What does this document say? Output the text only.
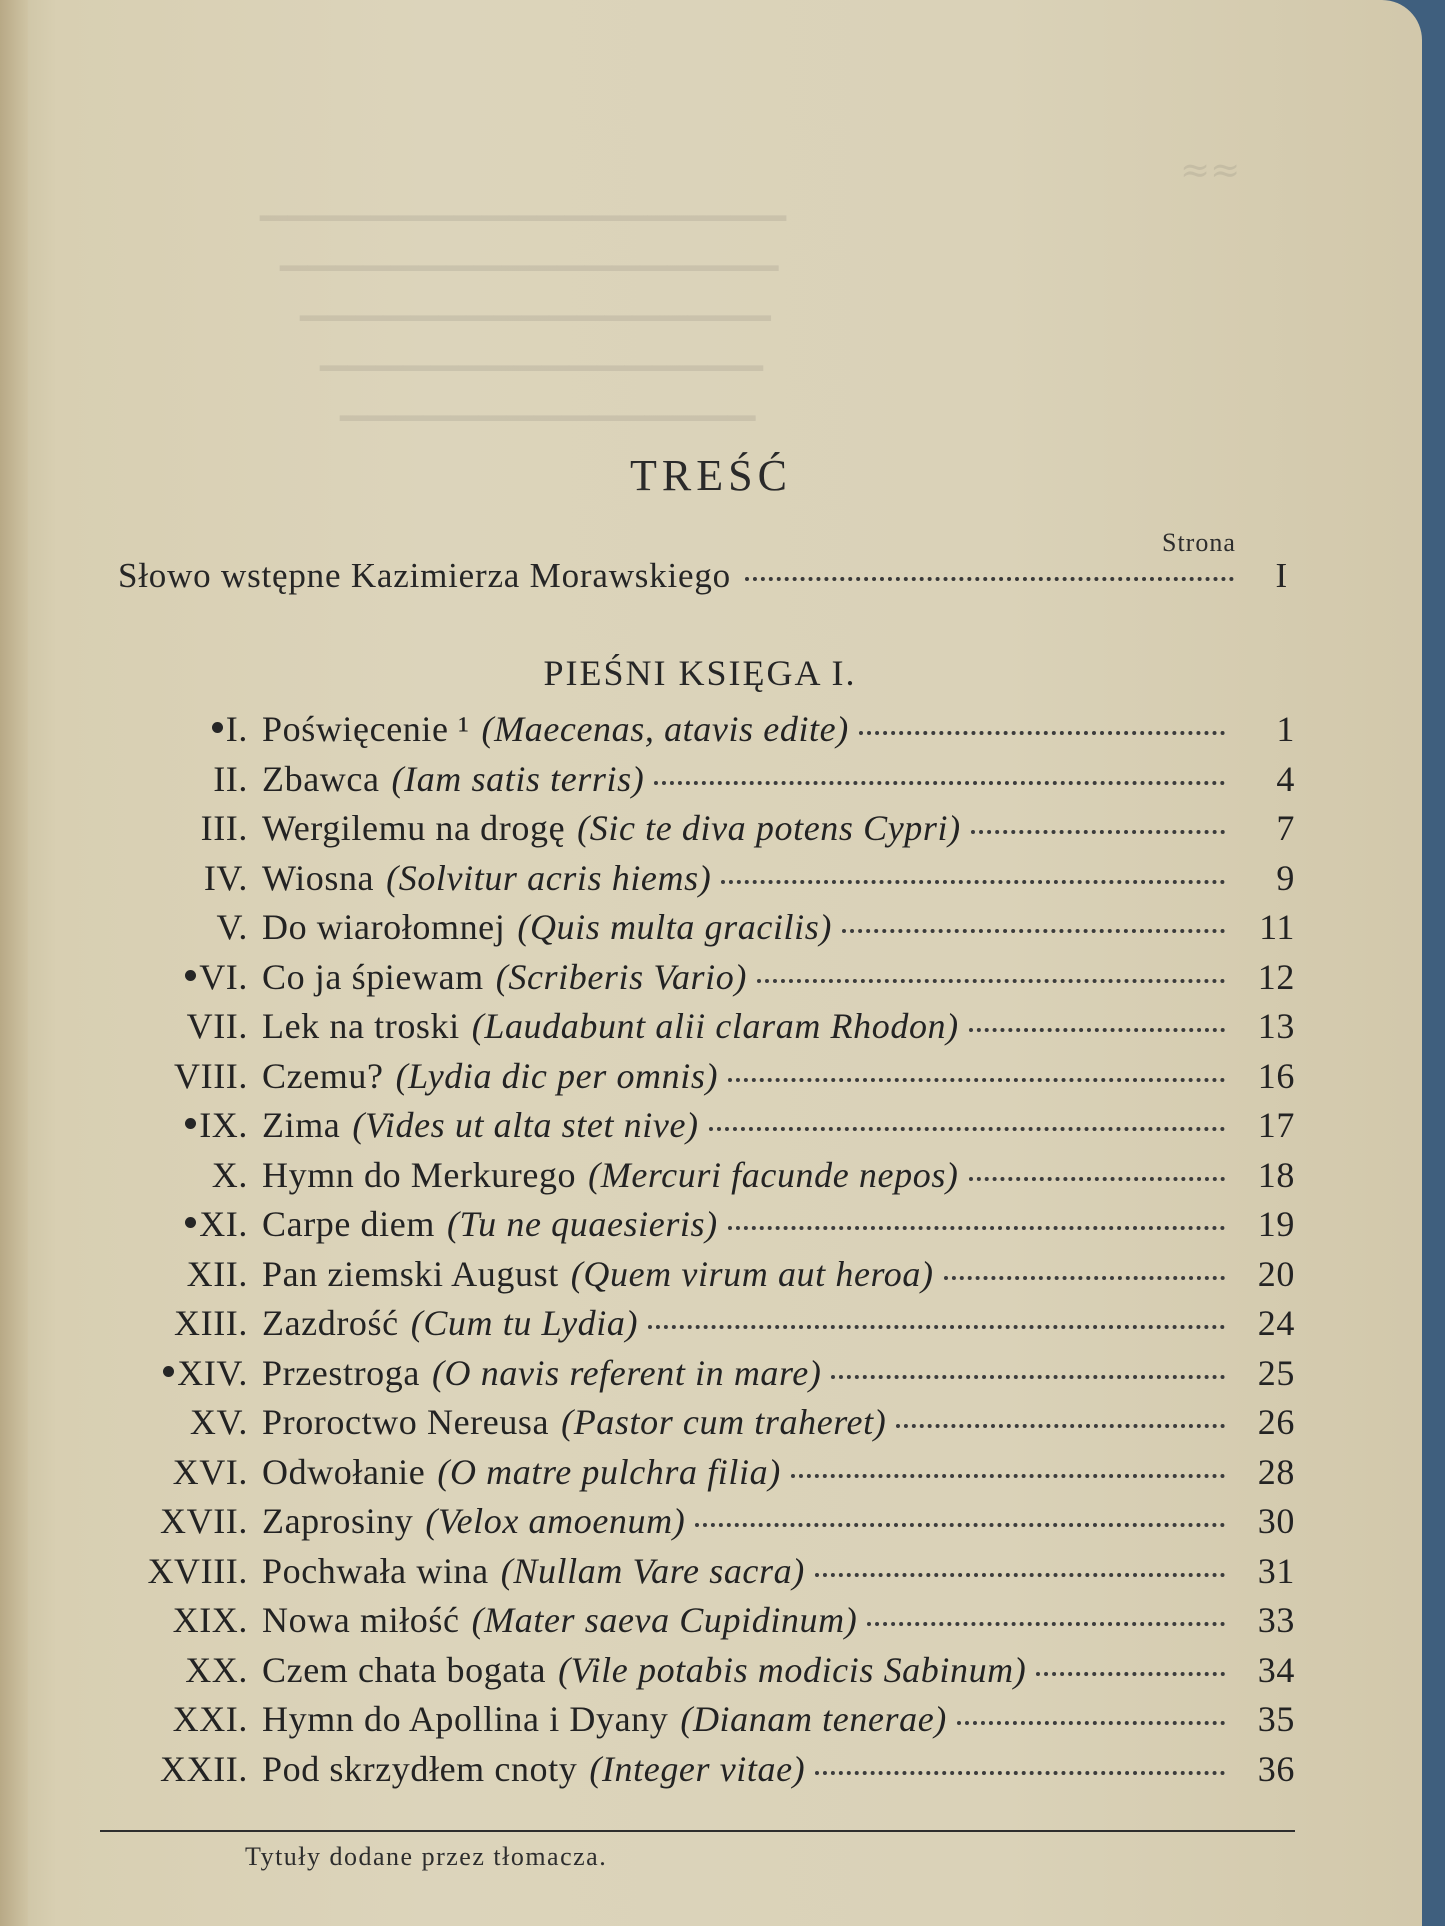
≈≈
▁▁▁▁▁▁▁▁▁▁▁▁▁▁▁▁▁▁▁
▁▁▁▁▁▁▁▁▁▁▁▁▁▁▁▁▁▁
▁▁▁▁▁▁▁▁▁▁▁▁▁▁▁▁▁
▁▁▁▁▁▁▁▁▁▁▁▁▁▁▁▁
▁▁▁▁▁▁▁▁▁▁▁▁▁▁▁
TREŚĆ
Strona
Słowo wstępne Kazimierza Morawskiego	I
PIEŚNI KSIĘGA I.
I. Poświęcenie ¹ (Maecenas, atavis edite)	1
II. Zbawca (Iam satis terris)	4
III. Wergilemu na drogę (Sic te diva potens Cypri)	7
IV. Wiosna (Solvitur acris hiems)	9
V. Do wiarołomnej (Quis multa gracilis)	11
VI. Co ja śpiewam (Scriberis Vario)	12
VII. Lek na troski (Laudabunt alii claram Rhodon)	13
VIII. Czemu? (Lydia dic per omnis)	16
IX. Zima (Vides ut alta stet nive)	17
X. Hymn do Merkurego (Mercuri facunde nepos)	18
XI. Carpe diem (Tu ne quaesieris)	19
XII. Pan ziemski August (Quem virum aut heroa)	20
XIII. Zazdrość (Cum tu Lydia)	24
XIV. Przestroga (O navis referent in mare)	25
XV. Proroctwo Nereusa (Pastor cum traheret)	26
XVI. Odwołanie (O matre pulchra filia)	28
XVII. Zaprosiny (Velox amoenum)	30
XVIII. Pochwała wina (Nullam Vare sacra)	31
XIX. Nowa miłość (Mater saeva Cupidinum)	33
XX. Czem chata bogata (Vile potabis modicis Sabinum)	34
XXI. Hymn do Apollina i Dyany (Dianam tenerae)	35
XXII. Pod skrzydłem cnoty (Integer vitae)	36
Tytuły dodane przez tłomacza.
